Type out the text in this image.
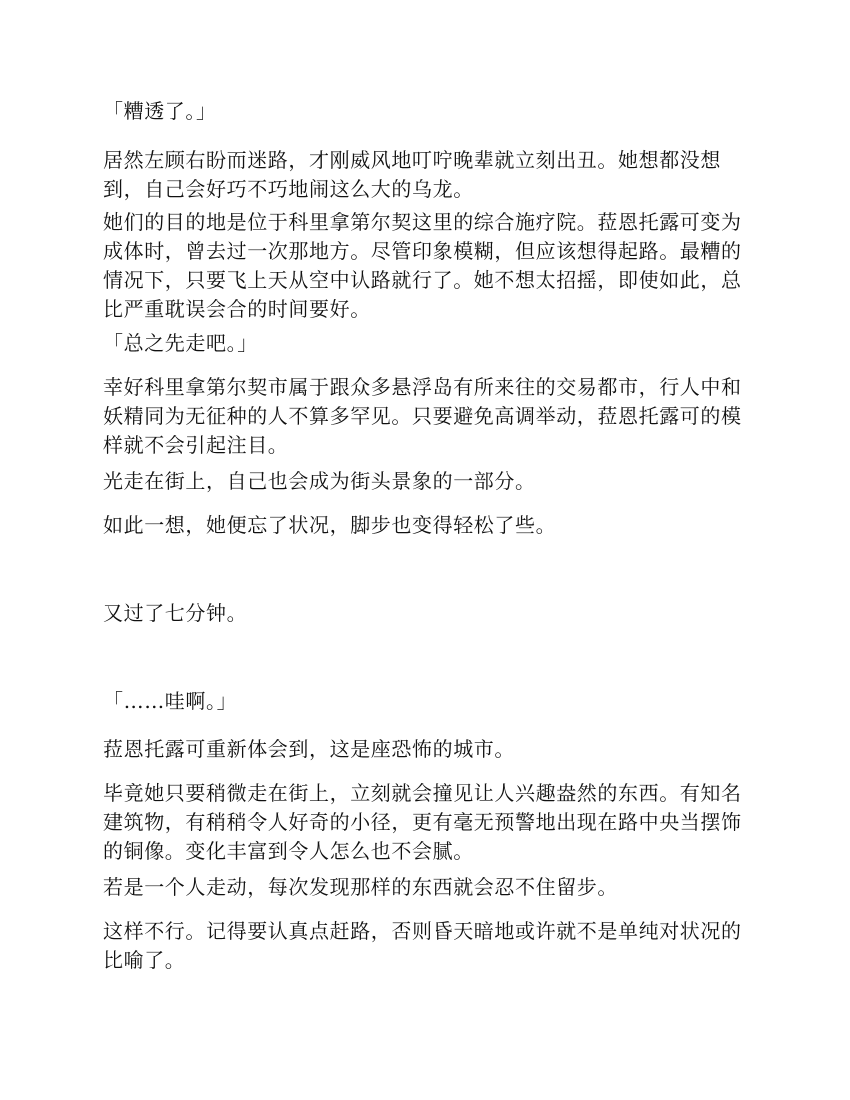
「糟透了。」

居然左顾右盼而迷路，才刚威风地叮咛晚辈就立刻出丑。她想都没想到，自己会好巧不巧地闹这么大的乌龙。

她们的目的地是位于科里拿第尔契这里的综合施疗院。菈恩托露可变为成体时，曾去过一次那地方。尽管印象模糊，但应该想得起路。最糟的情况下，只要飞上天从空中认路就行了。她不想太招摇，即使如此，总比严重耽误会合的时间要好。

「总之先走吧。」

幸好科里拿第尔契市属于跟众多悬浮岛有所来往的交易都市，行人中和妖精同为无征种的人不算多罕见。只要避免高调举动，菈恩托露可的模样就不会引起注目。

光走在街上，自己也会成为街头景象的一部分。

如此一想，她便忘了状况，脚步也变得轻松了些。

又过了七分钟。

「……哇啊。」

菈恩托露可重新体会到，这是座恐怖的城市。

毕竟她只要稍微走在街上，立刻就会撞见让人兴趣盎然的东西。有知名建筑物，有稍稍令人好奇的小径，更有毫无预警地出现在路中央当摆饰的铜像。变化丰富到令人怎么也不会腻。

若是一个人走动，每次发现那样的东西就会忍不住留步。

这样不行。记得要认真点赶路，否则昏天暗地或许就不是单纯对状况的比喻了。
